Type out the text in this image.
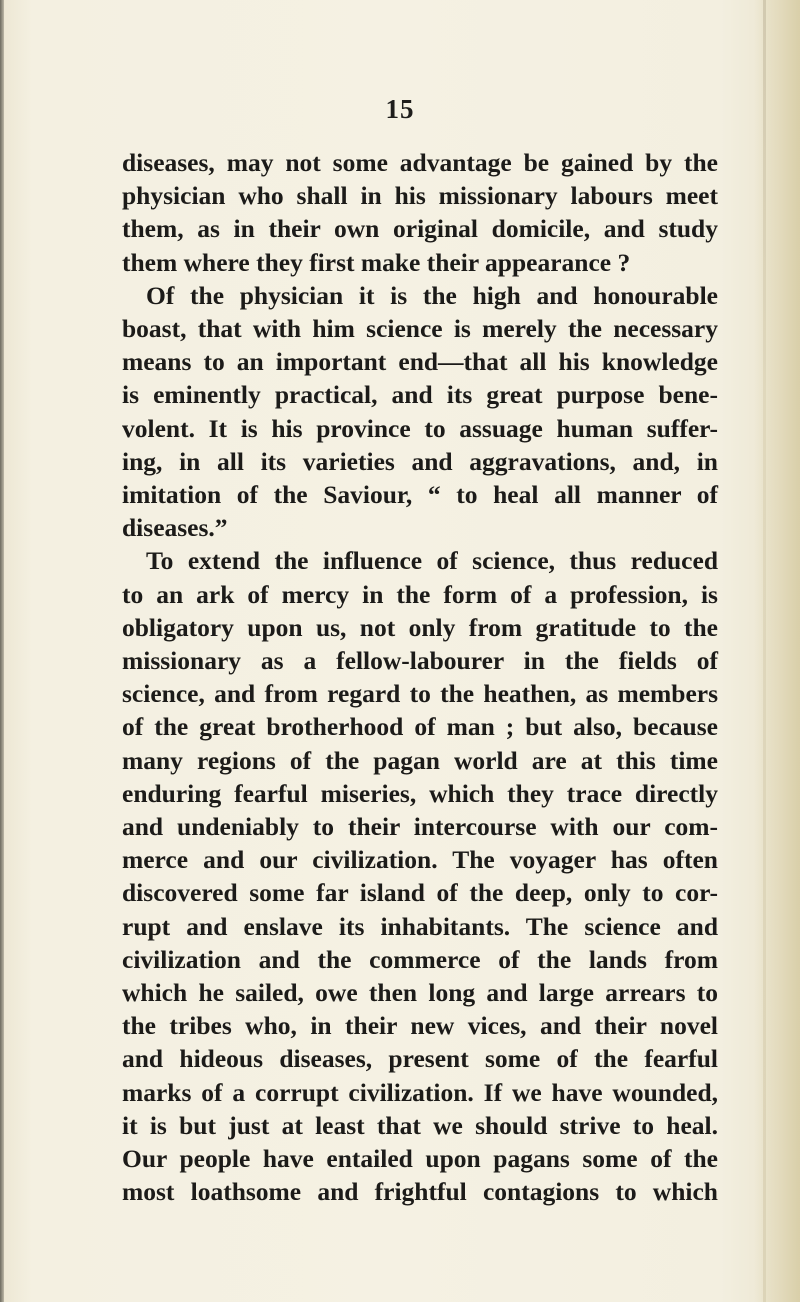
15
diseases, may not some advantage be gained by the
physician who shall in his missionary labours meet
them, as in their own original domicile, and study
them where they first make their appearance ?
Of the physician it is the high and honourable
boast, that with him science is merely the necessary
means to an important end—that all his knowledge
is eminently practical, and its great purpose bene-
volent. It is his province to assuage human suffer-
ing, in all its varieties and aggravations, and, in
imitation of the Saviour, “ to heal all manner of
diseases.”
To extend the influence of science, thus reduced
to an ark of mercy in the form of a profession, is
obligatory upon us, not only from gratitude to the
missionary as a fellow-labourer in the fields of
science, and from regard to the heathen, as members
of the great brotherhood of man ; but also, because
many regions of the pagan world are at this time
enduring fearful miseries, which they trace directly
and undeniably to their intercourse with our com-
merce and our civilization. The voyager has often
discovered some far island of the deep, only to cor-
rupt and enslave its inhabitants. The science and
civilization and the commerce of the lands from
which he sailed, owe then long and large arrears to
the tribes who, in their new vices, and their novel
and hideous diseases, present some of the fearful
marks of a corrupt civilization. If we have wounded,
it is but just at least that we should strive to heal.
Our people have entailed upon pagans some of the
most loathsome and frightful contagions to which
